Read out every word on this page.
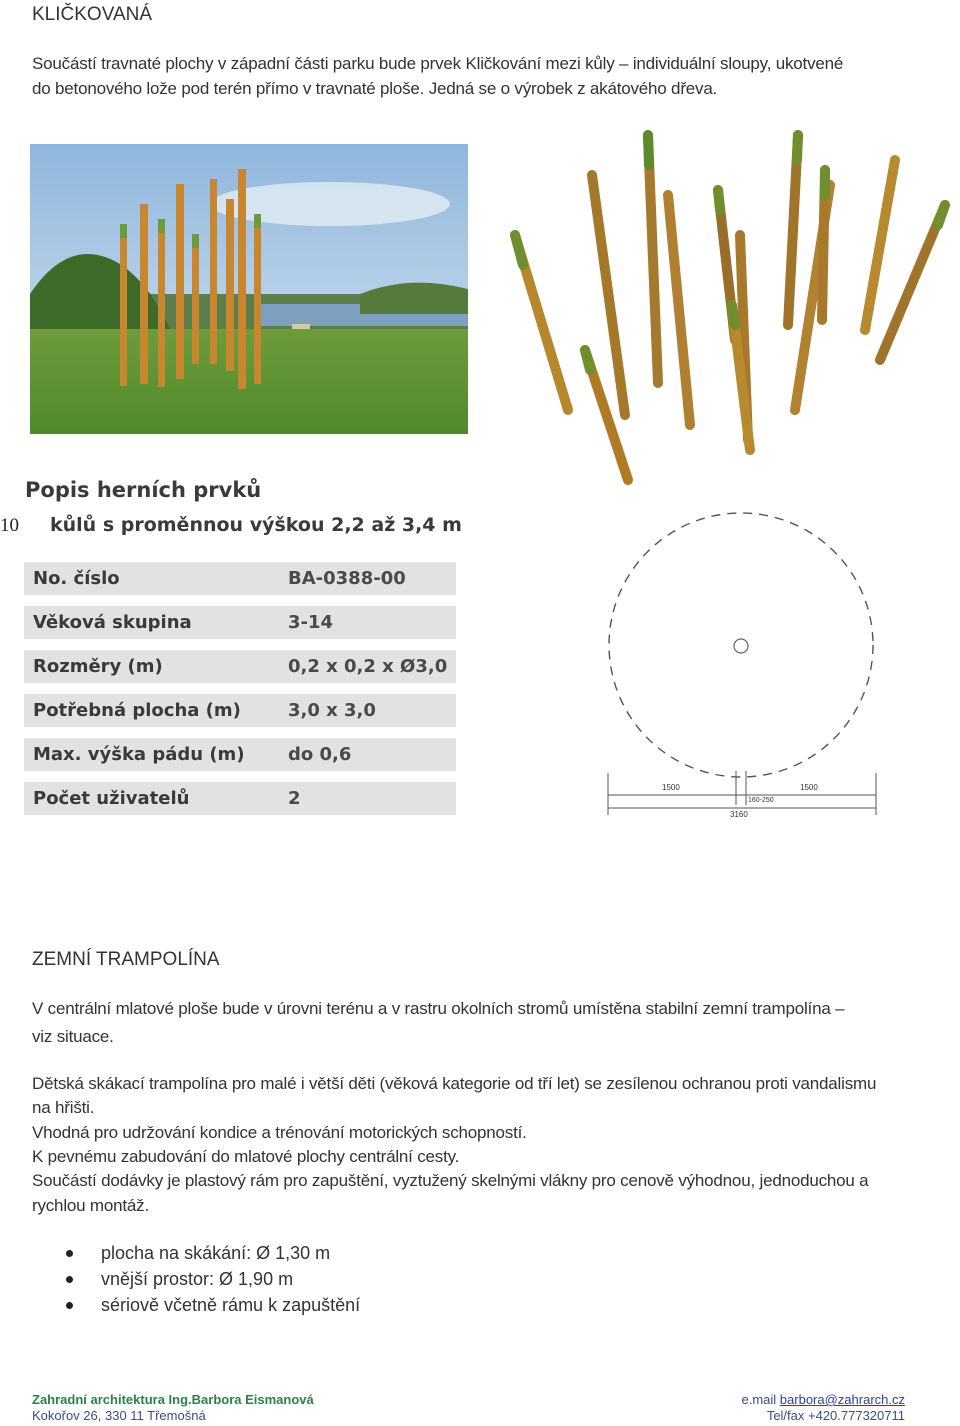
KLIČKOVANÁ
Součástí travnaté plochy v západní části parku bude prvek Kličkování mezi kůly – individuální sloupy, ukotvené
do betonového lože pod terén přímo v travnaté ploše. Jedná se o výrobek z akátového dřeva.
Popis herních prvků
kůlů s proměnnou výškou 2,2 až 3,4 m
10
No. číslo	BA-0388-00
Věková skupina	3-14
Rozměry (m)	0,2 x 0,2 x Ø3,0
Potřebná plocha (m)	3,0 x 3,0
Max. výška pádu (m)	do 0,6
Počet uživatelů	2
1500	1500
160-250
3160
ZEMNÍ TRAMPOLÍNA
V centrální mlatové ploše bude v úrovni terénu a v rastru okolních stromů umístěna stabilní zemní trampolína –
viz situace.
Dětská skákací trampolína pro malé i větší děti (věková kategorie od tří let) se zesílenou ochranou proti vandalismu
na hřišti.
Vhodná pro udržování kondice a trénování motorických schopností.
K pevnému zabudování do mlatové plochy centrální cesty.
Součástí dodávky je plastový rám pro zapuštění, vyztužený skelnými vlákny pro cenově výhodnou, jednoduchou a
rychlou montáž.
plocha na skákání: Ø 1,30 m
vnější prostor: Ø 1,90 m
sériově včetně rámu k zapuštění
Zahradní architektura Ing.Barbora Eismanová
Kokořov 26, 330 11 Třemošná
e.mail barbora@zahrarch.cz
Tel/fax +420.777320711
